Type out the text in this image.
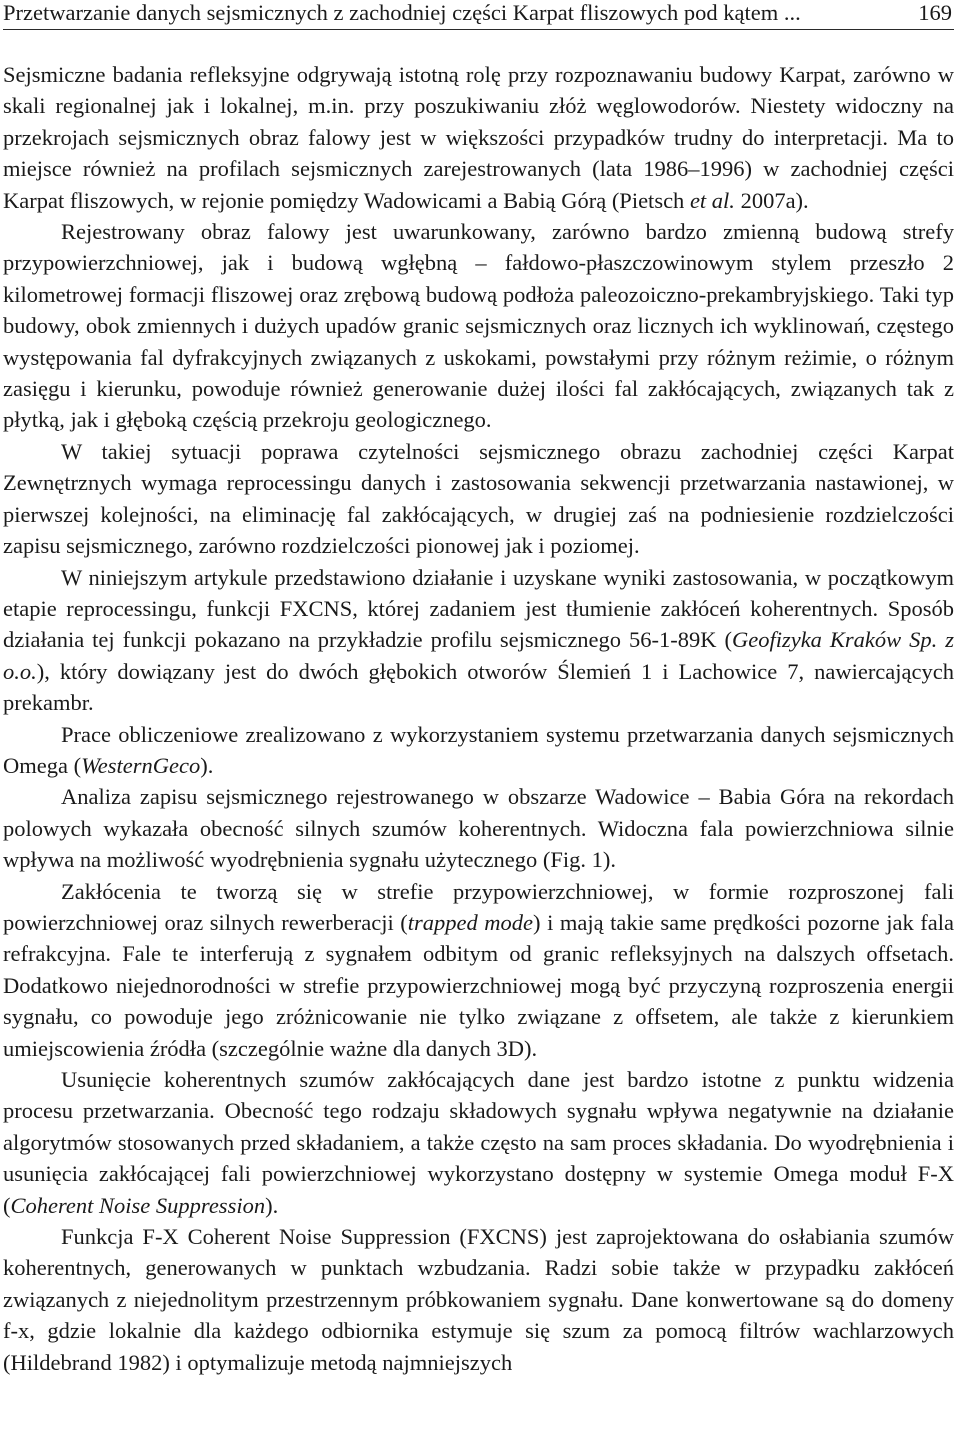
Przetwarzanie danych sejsmicznych z zachodniej części Karpat fliszowych pod kątem ...	169

Sejsmiczne badania refleksyjne odgrywają istotną rolę przy rozpoznawaniu budowy Karpat, zarówno w skali regionalnej jak i lokalnej, m.in. przy poszukiwaniu złóż węglowodorów. Niestety widoczny na przekrojach sejsmicznych obraz falowy jest w większości przypadków trudny do interpretacji. Ma to miejsce również na profilach sejsmicznych zarejestrowanych (lata 1986–1996) w zachodniej części Karpat fliszowych, w rejonie pomiędzy Wadowicami a Babią Górą (Pietsch et al. 2007a).

Rejestrowany obraz falowy jest uwarunkowany, zarówno bardzo zmienną budową strefy przypowierzchniowej, jak i budową wgłębną – fałdowo-płaszczowinowym stylem przeszło 2 kilometrowej formacji fliszowej oraz zrębową budową podłoża paleozoiczno-prekambryjskiego. Taki typ budowy, obok zmiennych i dużych upadów granic sejsmicznych oraz licznych ich wyklinowań, częstego występowania fal dyfrakcyjnych związanych z uskokami, powstałymi przy różnym reżimie, o różnym zasięgu i kierunku, powoduje również generowanie dużej ilości fal zakłócających, związanych tak z płytką, jak i głęboką częścią przekroju geologicznego.

W takiej sytuacji poprawa czytelności sejsmicznego obrazu zachodniej części Karpat Zewnętrznych wymaga reprocessingu danych i zastosowania sekwencji przetwarzania nastawionej, w pierwszej kolejności, na eliminację fal zakłócających, w drugiej zaś na podniesienie rozdzielczości zapisu sejsmicznego, zarówno rozdzielczości pionowej jak i poziomej.

W niniejszym artykule przedstawiono działanie i uzyskane wyniki zastosowania, w początkowym etapie reprocessingu, funkcji FXCNS, której zadaniem jest tłumienie zakłóceń koherentnych. Sposób działania tej funkcji pokazano na przykładzie profilu sejsmicznego 56-1-89K (Geofizyka Kraków Sp. z o.o.), który dowiązany jest do dwóch głębokich otworów Ślemień 1 i Lachowice 7, nawiercających prekambr.

Prace obliczeniowe zrealizowano z wykorzystaniem systemu przetwarzania danych sejsmicznych Omega (WesternGeco).

Analiza zapisu sejsmicznego rejestrowanego w obszarze Wadowice – Babia Góra na rekordach polowych wykazała obecność silnych szumów koherentnych. Widoczna fala powierzchniowa silnie wpływa na możliwość wyodrębnienia sygnału użytecznego (Fig. 1).

Zakłócenia te tworzą się w strefie przypowierzchniowej, w formie rozproszonej fali powierzchniowej oraz silnych rewerberacji (trapped mode) i mają takie same prędkości pozorne jak fala refrakcyjna. Fale te interferują z sygnałem odbitym od granic refleksyjnych na dalszych offsetach. Dodatkowo niejednorodności w strefie przypowierzchniowej mogą być przyczyną rozproszenia energii sygnału, co powoduje jego zróżnicowanie nie tylko związane z offsetem, ale także z kierunkiem umiejscowienia źródła (szczególnie ważne dla danych 3D).

Usunięcie koherentnych szumów zakłócających dane jest bardzo istotne z punktu widzenia procesu przetwarzania. Obecność tego rodzaju składowych sygnału wpływa negatywnie na działanie algorytmów stosowanych przed składaniem, a także często na sam proces składania. Do wyodrębnienia i usunięcia zakłócającej fali powierzchniowej wykorzystano dostępny w systemie Omega moduł F-X (Coherent Noise Suppression).

Funkcja F-X Coherent Noise Suppression (FXCNS) jest zaprojektowana do osłabiania szumów koherentnych, generowanych w punktach wzbudzania. Radzi sobie także w przypadku zakłóceń związanych z niejednolitym przestrzennym próbkowaniem sygnału. Dane konwertowane są do domeny f-x, gdzie lokalnie dla każdego odbiornika estymuje się szum za pomocą filtrów wachlarzowych (Hildebrand 1982) i optymalizuje metodą najmniejszych
